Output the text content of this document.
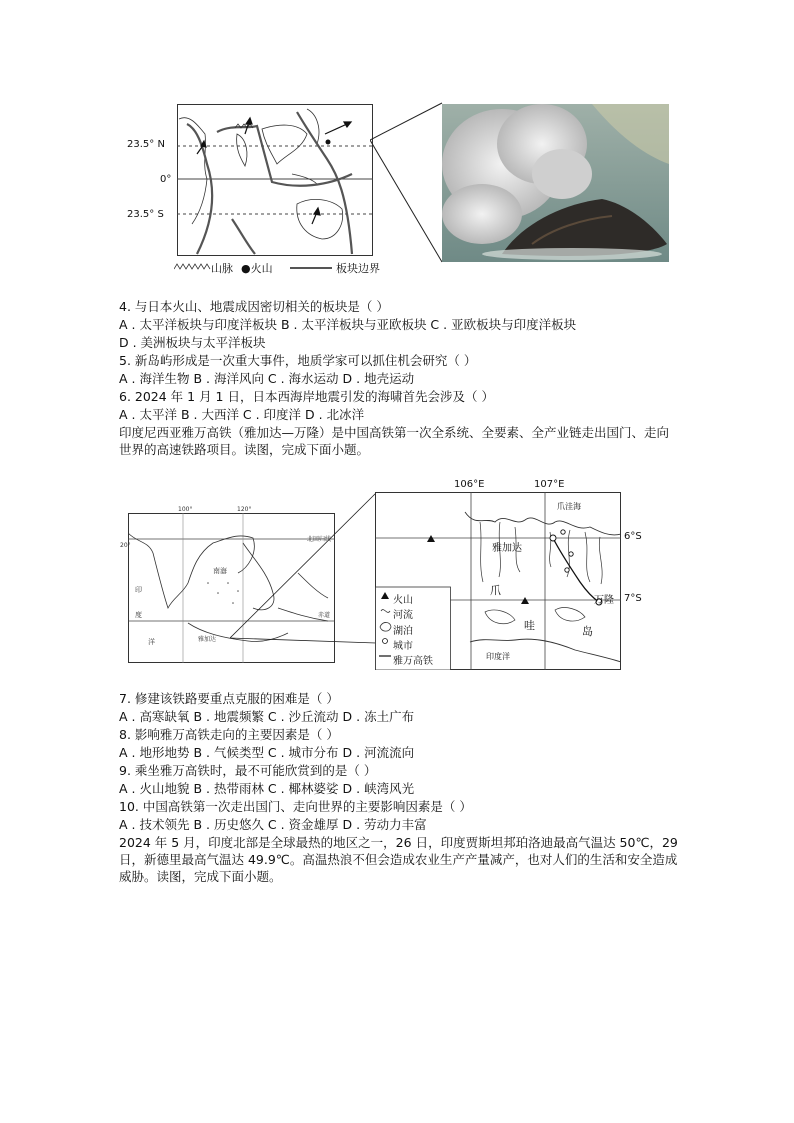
23.5° N
0°
23.5° S
山脉 ●火山	板块边界
4. 与日本火山、地震成因密切相关的板块是（ ）
A . 太平洋板块与印度洋板块 B . 太平洋板块与亚欧板块 C . 亚欧板块与印度洋板块
D . 美洲板块与太平洋板块
5. 新岛屿形成是一次重大事件，地质学家可以抓住机会研究（ ）
A . 海洋生物 B . 海洋风向 C . 海水运动 D . 地壳运动
6. 2024 年 1 月 1 日，日本西海岸地震引发的海啸首先会涉及（ ）
A . 太平洋 B . 大西洋 C . 印度洋 D . 北冰洋
印度尼西亚雅万高铁（雅加达—万隆）是中国高铁第一次全系统、全要素、全产业链走出国门、走向世界的高速铁路项目。读图，完成下面小题。
100°	120°
20°
北回归线
南海
印
度
洋
赤道
雅加达
106°E	107°E
6°S
7°S
爪洼海
雅加达
万隆
爪
哇	岛
印度洋
火山
河流
湖泊
城市
雅万高铁
7. 修建该铁路要重点克服的困难是（ ）
A . 高寒缺氧 B . 地震频繁 C . 沙丘流动 D . 冻土广布
8. 影响雅万高铁走向的主要因素是（ ）
A . 地形地势 B . 气候类型 C . 城市分布 D . 河流流向
9. 乘坐雅万高铁时，最不可能欣赏到的是（ ）
A . 火山地貌 B . 热带雨林 C . 椰林婆娑 D . 峡湾风光
10. 中国高铁第一次走出国门、走向世界的主要影响因素是（ ）
A . 技术领先 B . 历史悠久 C . 资金雄厚 D . 劳动力丰富
2024 年 5 月，印度北部是全球最热的地区之一，26 日，印度贾斯坦邦珀洛迪最高气温达 50℃，29 日，新德里最高气温达 49.9℃。高温热浪不但会造成农业生产产量减产，也对人们的生活和安全造成威胁。读图，完成下面小题。
